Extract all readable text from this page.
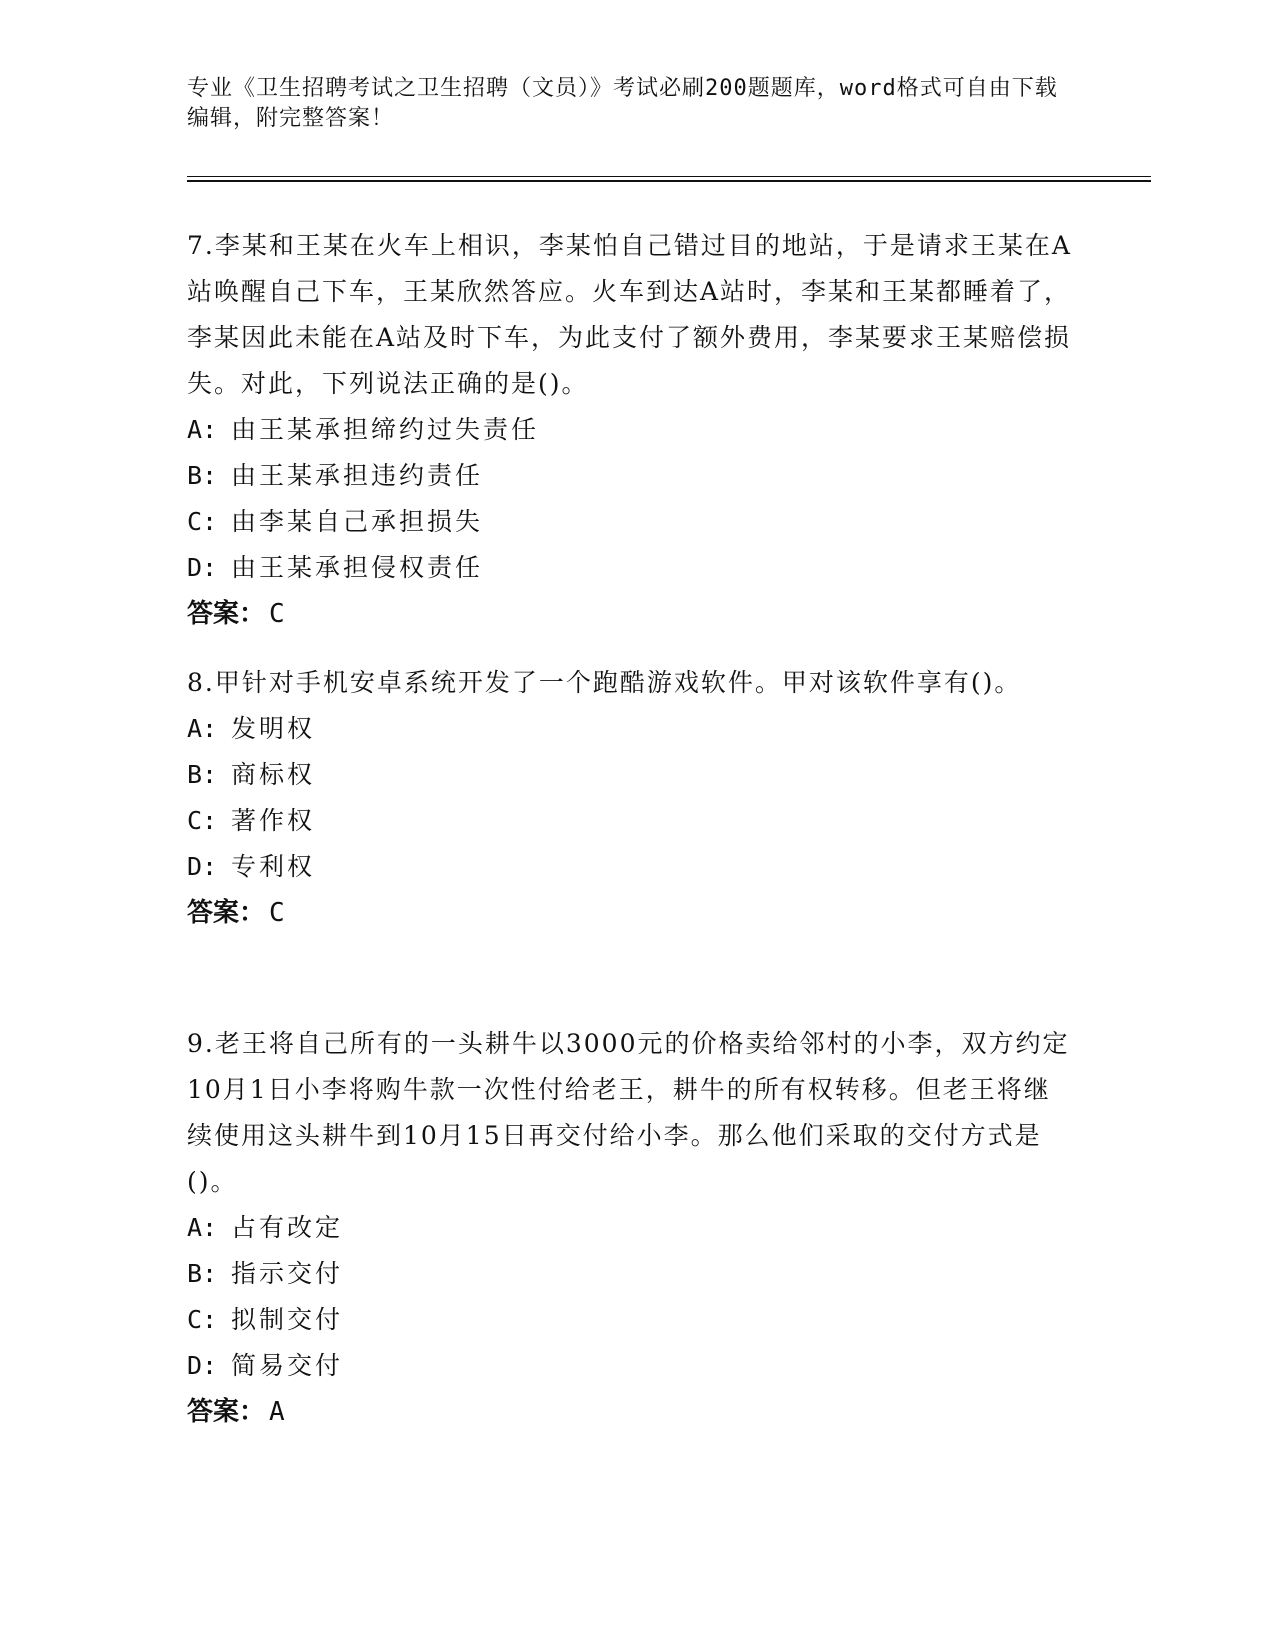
专业《卫生招聘考试之卫生招聘（文员）》考试必刷200题题库，word格式可自由下载编辑，附完整答案！

7.李某和王某在火车上相识，李某怕自己错过目的地站，于是请求王某在A站唤醒自己下车，王某欣然答应。火车到达A站时，李某和王某都睡着了，李某因此未能在A站及时下车，为此支付了额外费用，李某要求王某赔偿损失。对此，下列说法正确的是()。

A: 由王某承担缔约过失责任
B: 由王某承担违约责任
C: 由李某自己承担损失
D: 由王某承担侵权责任

答案： C

8.甲针对手机安卓系统开发了一个跑酷游戏软件。甲对该软件享有()。

A: 发明权
B: 商标权
C: 著作权
D: 专利权

答案： C

9.老王将自己所有的一头耕牛以3000元的价格卖给邻村的小李，双方约定10月1日小李将购牛款一次性付给老王，耕牛的所有权转移。但老王将继续使用这头耕牛到10月15日再交付给小李。那么他们采取的交付方式是()。

A: 占有改定
B: 指示交付
C: 拟制交付
D: 简易交付

答案： A
